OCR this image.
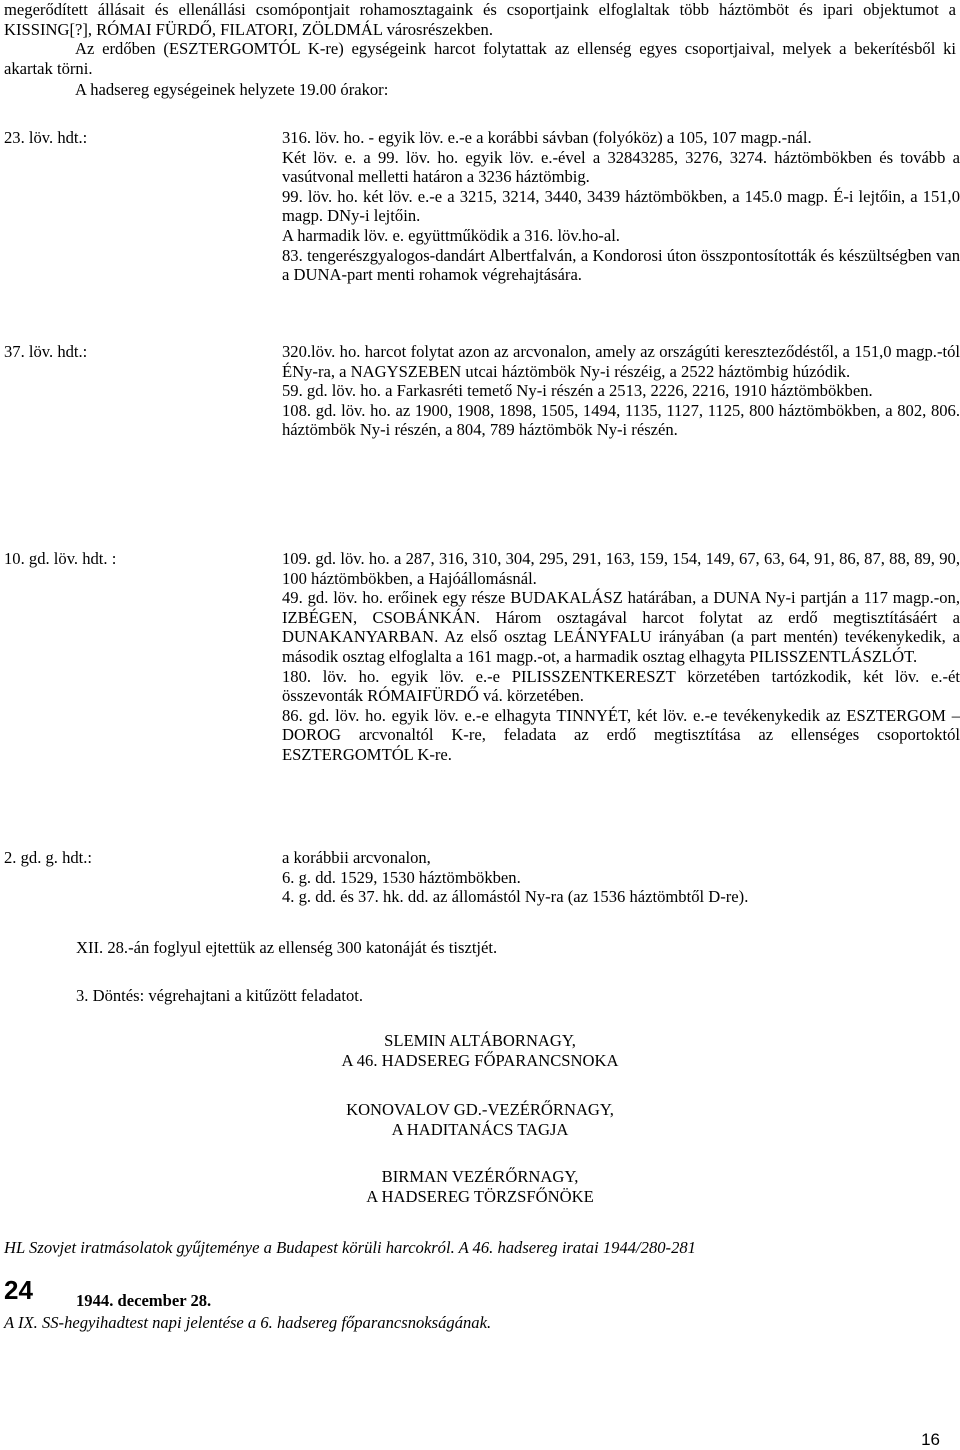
megerődített állásait és ellenállási csomópontjait rohamosztagaink és csoportjaink elfoglaltak több háztömböt és ipari objektumot a KISSING[?], RÓMAI FÜRDŐ, FILATORI, ZÖLDMÁL városrészekben.

Az erdőben (ESZTERGOMTÓL K-re) egységeink harcot folytattak az ellenség egyes csoportjaival, melyek a bekerítésből ki akartak törni.

A hadsereg egységeinek helyzete 19.00 órakor:

23. löv. hdt.:	316. löv. ho. - egyik löv. e.-e a korábbi sávban (folyóköz) a 105, 107 magp.-nál.

Két löv. e. a 99. löv. ho. egyik löv. e.-ével a 32843285, 3276, 3274. háztömbökben és tovább a vasútvonal melletti határon a 3236 háztömbig.

99. löv. ho. két löv. e.-e a 3215, 3214, 3440, 3439 háztömbökben, a 145.0 magp. É-i lejtőin, a 151,0 magp. DNy-i lejtőin.

A harmadik löv. e. együttműködik a 316. löv.ho-al.

83. tengerészgyalogos-dandárt Albertfalván, a Kondorosi úton összpontosították és készültségben van a DUNA-part menti rohamok végrehajtására.

37. löv. hdt.:	320.löv. ho. harcot folytat azon az arcvonalon, amely az országúti kereszteződéstől, a 151,0 magp.-tól ÉNy-ra, a NAGYSZEBEN utcai háztömbök Ny-i részéig, a 2522 háztömbig húzódik.

59. gd. löv. ho. a Farkasréti temető Ny-i részén a 2513, 2226, 2216, 1910 háztömbökben.

108. gd. löv. ho. az 1900, 1908, 1898, 1505, 1494, 1135, 1127, 1125, 800 háztömbökben, a 802, 806. háztömbök Ny-i részén, a 804, 789 háztömbök Ny-i részén.

10. gd. löv. hdt. :	109. gd. löv. ho. a 287, 316, 310, 304, 295, 291, 163, 159, 154, 149, 67, 63, 64, 91, 86, 87, 88, 89, 90, 100 háztömbökben, a Hajóállomásnál.

49. gd. löv. ho. erőinek egy része BUDAKALÁSZ határában, a DUNA Ny-i partján a 117 magp.-on, IZBÉGEN, CSOBÁNKÁN. Három osztagával harcot folytat az erdő megtisztításáért a DUNAKANYARBAN. Az első osztag LEÁNYFALU irányában (a part mentén) tevékenykedik, a második osztag elfoglalta a 161 magp.-ot, a harmadik osztag elhagyta PILISSZENTLÁSZLÓT.

180. löv. ho. egyik löv. e.-e PILISSZENTKERESZT körzetében tartózkodik, két löv. e.-ét összevonták RÓMAIFÜRDŐ vá. körzetében.

86. gd. löv. ho. egyik löv. e.-e elhagyta TINNYÉT, két löv. e.-e tevékenykedik az ESZTERGOM – DOROG arcvonaltól K-re, feladata az erdő megtisztítása az ellenséges csoportoktól ESZTERGOMTÓL K-re.

2. gd. g. hdt.:	a korábbii arcvonalon,

6. g. dd. 1529, 1530 háztömbökben.

4. g. dd. és 37. hk. dd. az állomástól Ny-ra (az 1536 háztömbtől D-re).

XII. 28.-án foglyul ejtettük az ellenség 300 katonáját és tisztjét.
3. Döntés: végrehajtani a kitűzött feladatot.
SLEMIN ALTÁBORNAGY,
A 46. HADSEREG FŐPARANCSNOKA
KONOVALOV GD.-VEZÉRŐRNAGY,
A HADITANÁCS TAGJA
BIRMAN VEZÉRŐRNAGY,
A HADSEREG TÖRZSFŐNÖKE
HL Szovjet iratmásolatok gyűjteménye a Budapest körüli harcokról. A 46. hadsereg iratai 1944/280-281
24	1944. december 28.
A IX. SS-hegyihadtest napi jelentése a 6. hadsereg főparancsnokságának.
16
